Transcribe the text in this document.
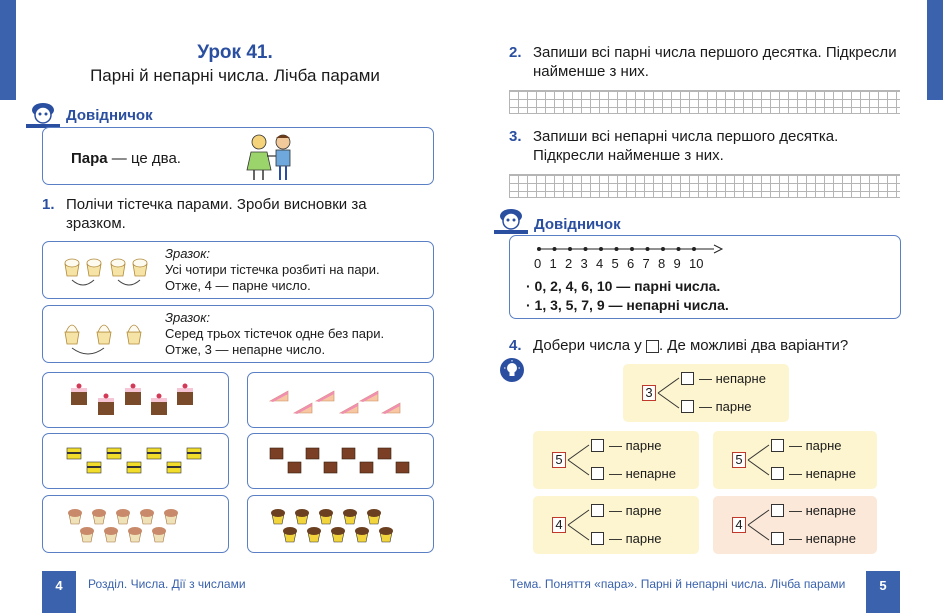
Урок 41.
Парні й непарні числа. Лічба парами
Довідничок
Пара — це два.
1. Полічи тістечка парами. Зроби висновки за зразком.
Зразок:
Усі чотири тістечка розбиті на пари.
Отже, 4 — парне число.
Зразок:
Серед трьох тістечок одне без пари.
Отже, 3 — непарне число.
4	Розділ. Числа. Дії з числами
2. Запиши всі парні числа першого десятка. Підкресли найменше з них.
3. Запиши всі непарні числа першого десятка. Підкресли найменше з них.
Довідничок
0 1 2 3 4 5 6 7 8 9 10
· 0, 2, 4, 6, 10 — парні числа.
· 1, 3, 5, 7, 9 — непарні числа.
4. Добери числа у . Де можливі два варіанти?
3
— непарне
— парне
5
— парне
— непарне
5
— парне
— непарне
4
— парне
— парне
4
— непарне
— непарне
Тема. Поняття «пара». Парні й непарні числа. Лічба парами	5
